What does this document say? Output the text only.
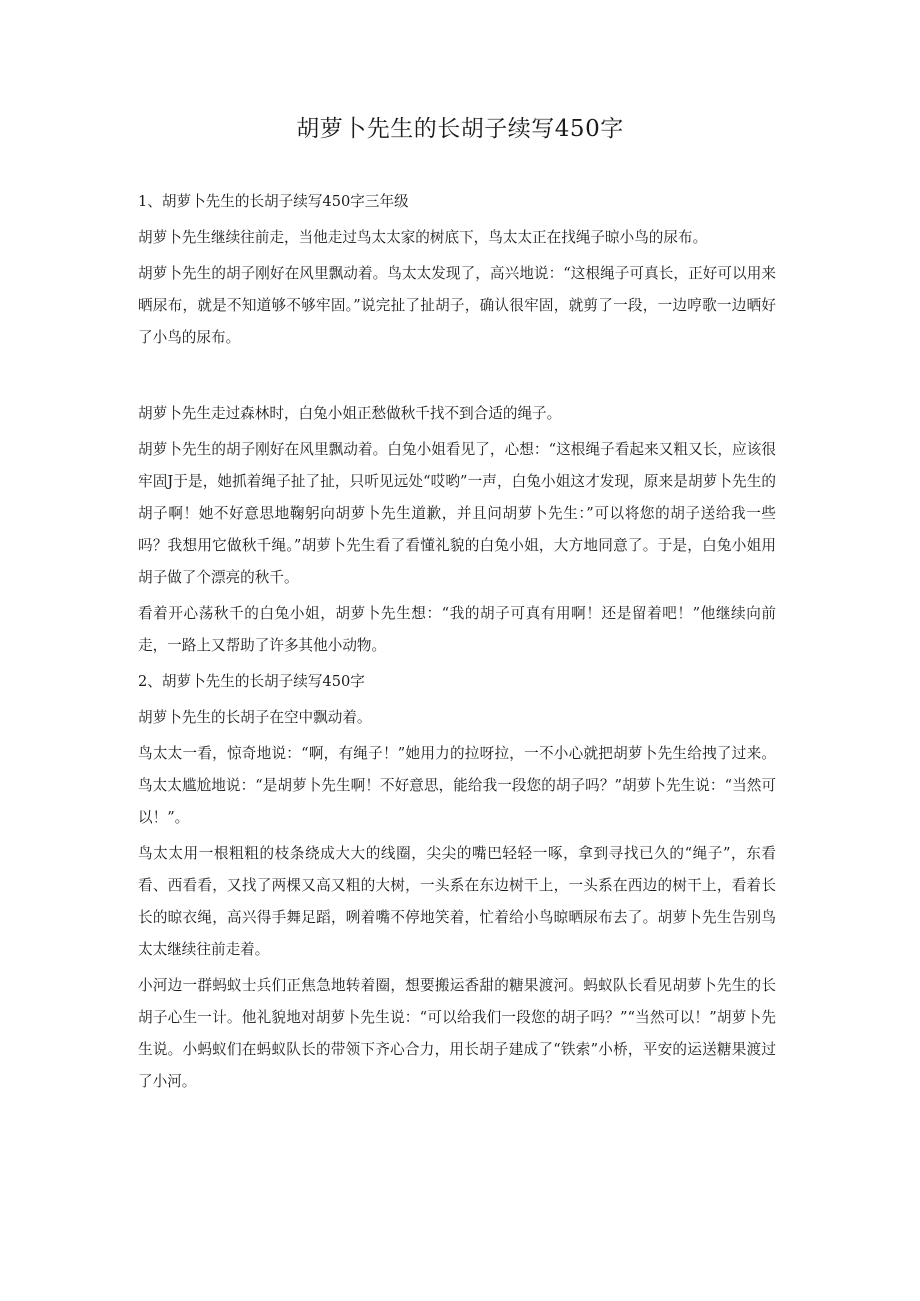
胡萝卜先生的长胡子续写450字

1、胡萝卜先生的长胡子续写450字三年级

胡萝卜先生继续往前走，当他走过鸟太太家的树底下，鸟太太正在找绳子晾小鸟的尿布。

胡萝卜先生的胡子刚好在风里飘动着。鸟太太发现了，高兴地说：“这根绳子可真长，正好可以用来晒尿布，就是不知道够不够牢固。”说完扯了扯胡子，确认很牢固，就剪了一段，一边哼歌一边晒好了小鸟的尿布。

胡萝卜先生走过森林时，白兔小姐正愁做秋千找不到合适的绳子。

胡萝卜先生的胡子刚好在风里飘动着。白兔小姐看见了，心想：“这根绳子看起来又粗又长，应该很牢固J于是，她抓着绳子扯了扯，只听见远处“哎哟”一声，白兔小姐这才发现，原来是胡萝卜先生的胡子啊！她不好意思地鞠躬向胡萝卜先生道歉，并且问胡萝卜先生：”可以将您的胡子送给我一些吗？我想用它做秋千绳。”胡萝卜先生看了看懂礼貌的白兔小姐，大方地同意了。于是，白兔小姐用胡子做了个漂亮的秋千。

看着开心荡秋千的白兔小姐，胡萝卜先生想：“我的胡子可真有用啊！还是留着吧！”他继续向前走，一路上又帮助了许多其他小动物。

2、胡萝卜先生的长胡子续写450字

胡萝卜先生的长胡子在空中飘动着。

鸟太太一看，惊奇地说：“啊，有绳子！”她用力的拉呀拉，一不小心就把胡萝卜先生给拽了过来。鸟太太尴尬地说：“是胡萝卜先生啊！不好意思，能给我一段您的胡子吗？”胡萝卜先生说：“当然可以！”。

鸟太太用一根粗粗的枝条绕成大大的线圈，尖尖的嘴巴轻轻一啄，拿到寻找已久的“绳子”，东看看、西看看，又找了两棵又高又粗的大树，一头系在东边树干上，一头系在西边的树干上，看着长长的晾衣绳，高兴得手舞足蹈，咧着嘴不停地笑着，忙着给小鸟晾晒尿布去了。胡萝卜先生告别鸟太太继续往前走着。

小河边一群蚂蚁士兵们正焦急地转着圈，想要搬运香甜的糖果渡河。蚂蚁队长看见胡萝卜先生的长胡子心生一计。他礼貌地对胡萝卜先生说：“可以给我们一段您的胡子吗？”“当然可以！”胡萝卜先生说。小蚂蚁们在蚂蚁队长的带领下齐心合力，用长胡子建成了“铁索”小桥，平安的运送糖果渡过了小河。
